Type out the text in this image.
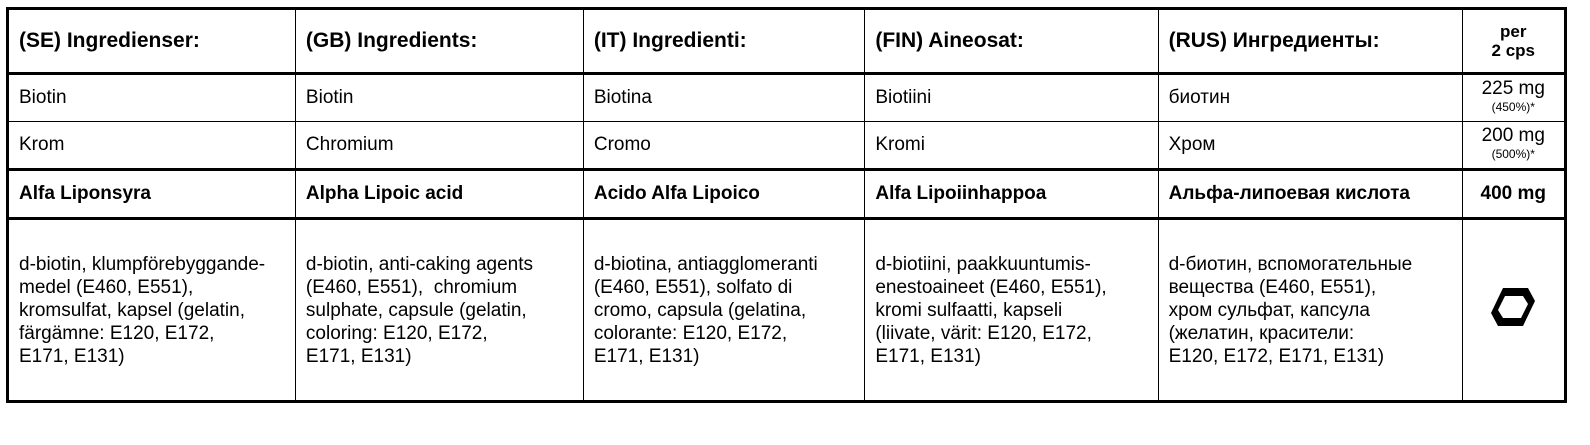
(SE) Ingredienser:	(GB) Ingredients:	(IT) Ingredienti:	(FIN) Aineosat:	(RUS) Ингредиенты:	per
2 cps
Biotin	Biotin	Biotina	Biotiini	биотин	225 mg
(450%)*

Krom	Chromium	Cromo	Kromi	Хром	200 mg
(500%)*

Alfa Liponsyra	Alpha Lipoic acid	Acido Alfa Lipoico	Alfa Lipoiinhappoa	Альфа-липоевая кислота	400 mg
d-biotin, klumpförebyggande-
medel (E460, E551),
kromsulfat, kapsel (gelatin,
färgämne: E120, E172,
E171, E131)	d-biotin, anti-caking agents
(E460, E551),  chromium
sulphate, capsule (gelatin,
coloring: E120, E172,
E171, E131)	d-biotina, antiagglomeranti
(E460, E551), solfato di
cromo, capsula (gelatina,
colorante: E120, E172,
E171, E131)	d-biotiini, paakkuuntumis-
enestoaineet (E460, E551),
kromi sulfaatti, kapseli
(liivate, värit: E120, E172,
E171, E131)	d-биотин, вспомогательные
вещества (E460, E551),
хром сульфат, капсула
(желатин, красители:
E120, E172, E171, E131)	
